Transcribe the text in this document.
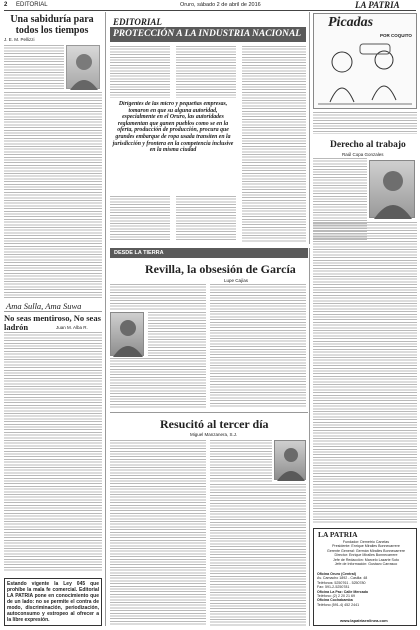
2 EDITORIAL	Oruro, sábado 2 de abril de 2016	LA PATRIA
Una sabiduría para todos los tiempos
J. E. M. Pellizzi
Ama Sulla, Ama Suwa
No seas mentiroso, No seas ladrón	Juan M. Alba R.
Estando vigente la Ley 045 que prohíbe la mala fe comercial. Editorial LA PATRIA pone en conocimiento que de un lado: no se permite el contra de modo, discriminación, periodización, autoconsumo y estropeo al ofrecer a la libre expresión.
EDITORIAL
PROTECCIÓN A LA INDUSTRIA NACIONAL
Dirigentes de las micro y pequeñas empresas, tomaron en que su alguna autoridad, especialmente en el Oruro, las autoridades reglamentan que ganen pueblos como se en la oferta, producción de producción, procura que grandes embarque de ropa usada transiten en la jurisdicción y frontera en la competencia inclusive en la misma ciudad
Picadas
POR COQUITO
Derecho al trabajo
Raúl Copa Gonzales
DESDE LA TIERRA
Revilla, la obsesión de García
Lupe Cajías
Resucitó al tercer día
Miguel Manzanera, S.J.
LA PATRIA
Fundador: Demetrio Canelas
Presidente: Enrique Miralles Bonnecarrere
Gerente General: Germán Miralles Bonnecarrere
Director: Enrique Miralles Bonnecarrere
Jefe de Redacción: Marcelo Lazarte Soto
Jefe de Información: Gustavo Carrasco
Oficina Oruro (Central)
Av. Camacho 1892 - Casilla: 48
Teléfonos: 5250761 - 5250780
Fax: 591-2-5250781
Oficina La Paz: Calle Mercado
Teléfono: (2) 2 20 21 69
Oficina Cochabamba
Teléfono (591-4) 452 2441
www.lapatriaenlinea.com
